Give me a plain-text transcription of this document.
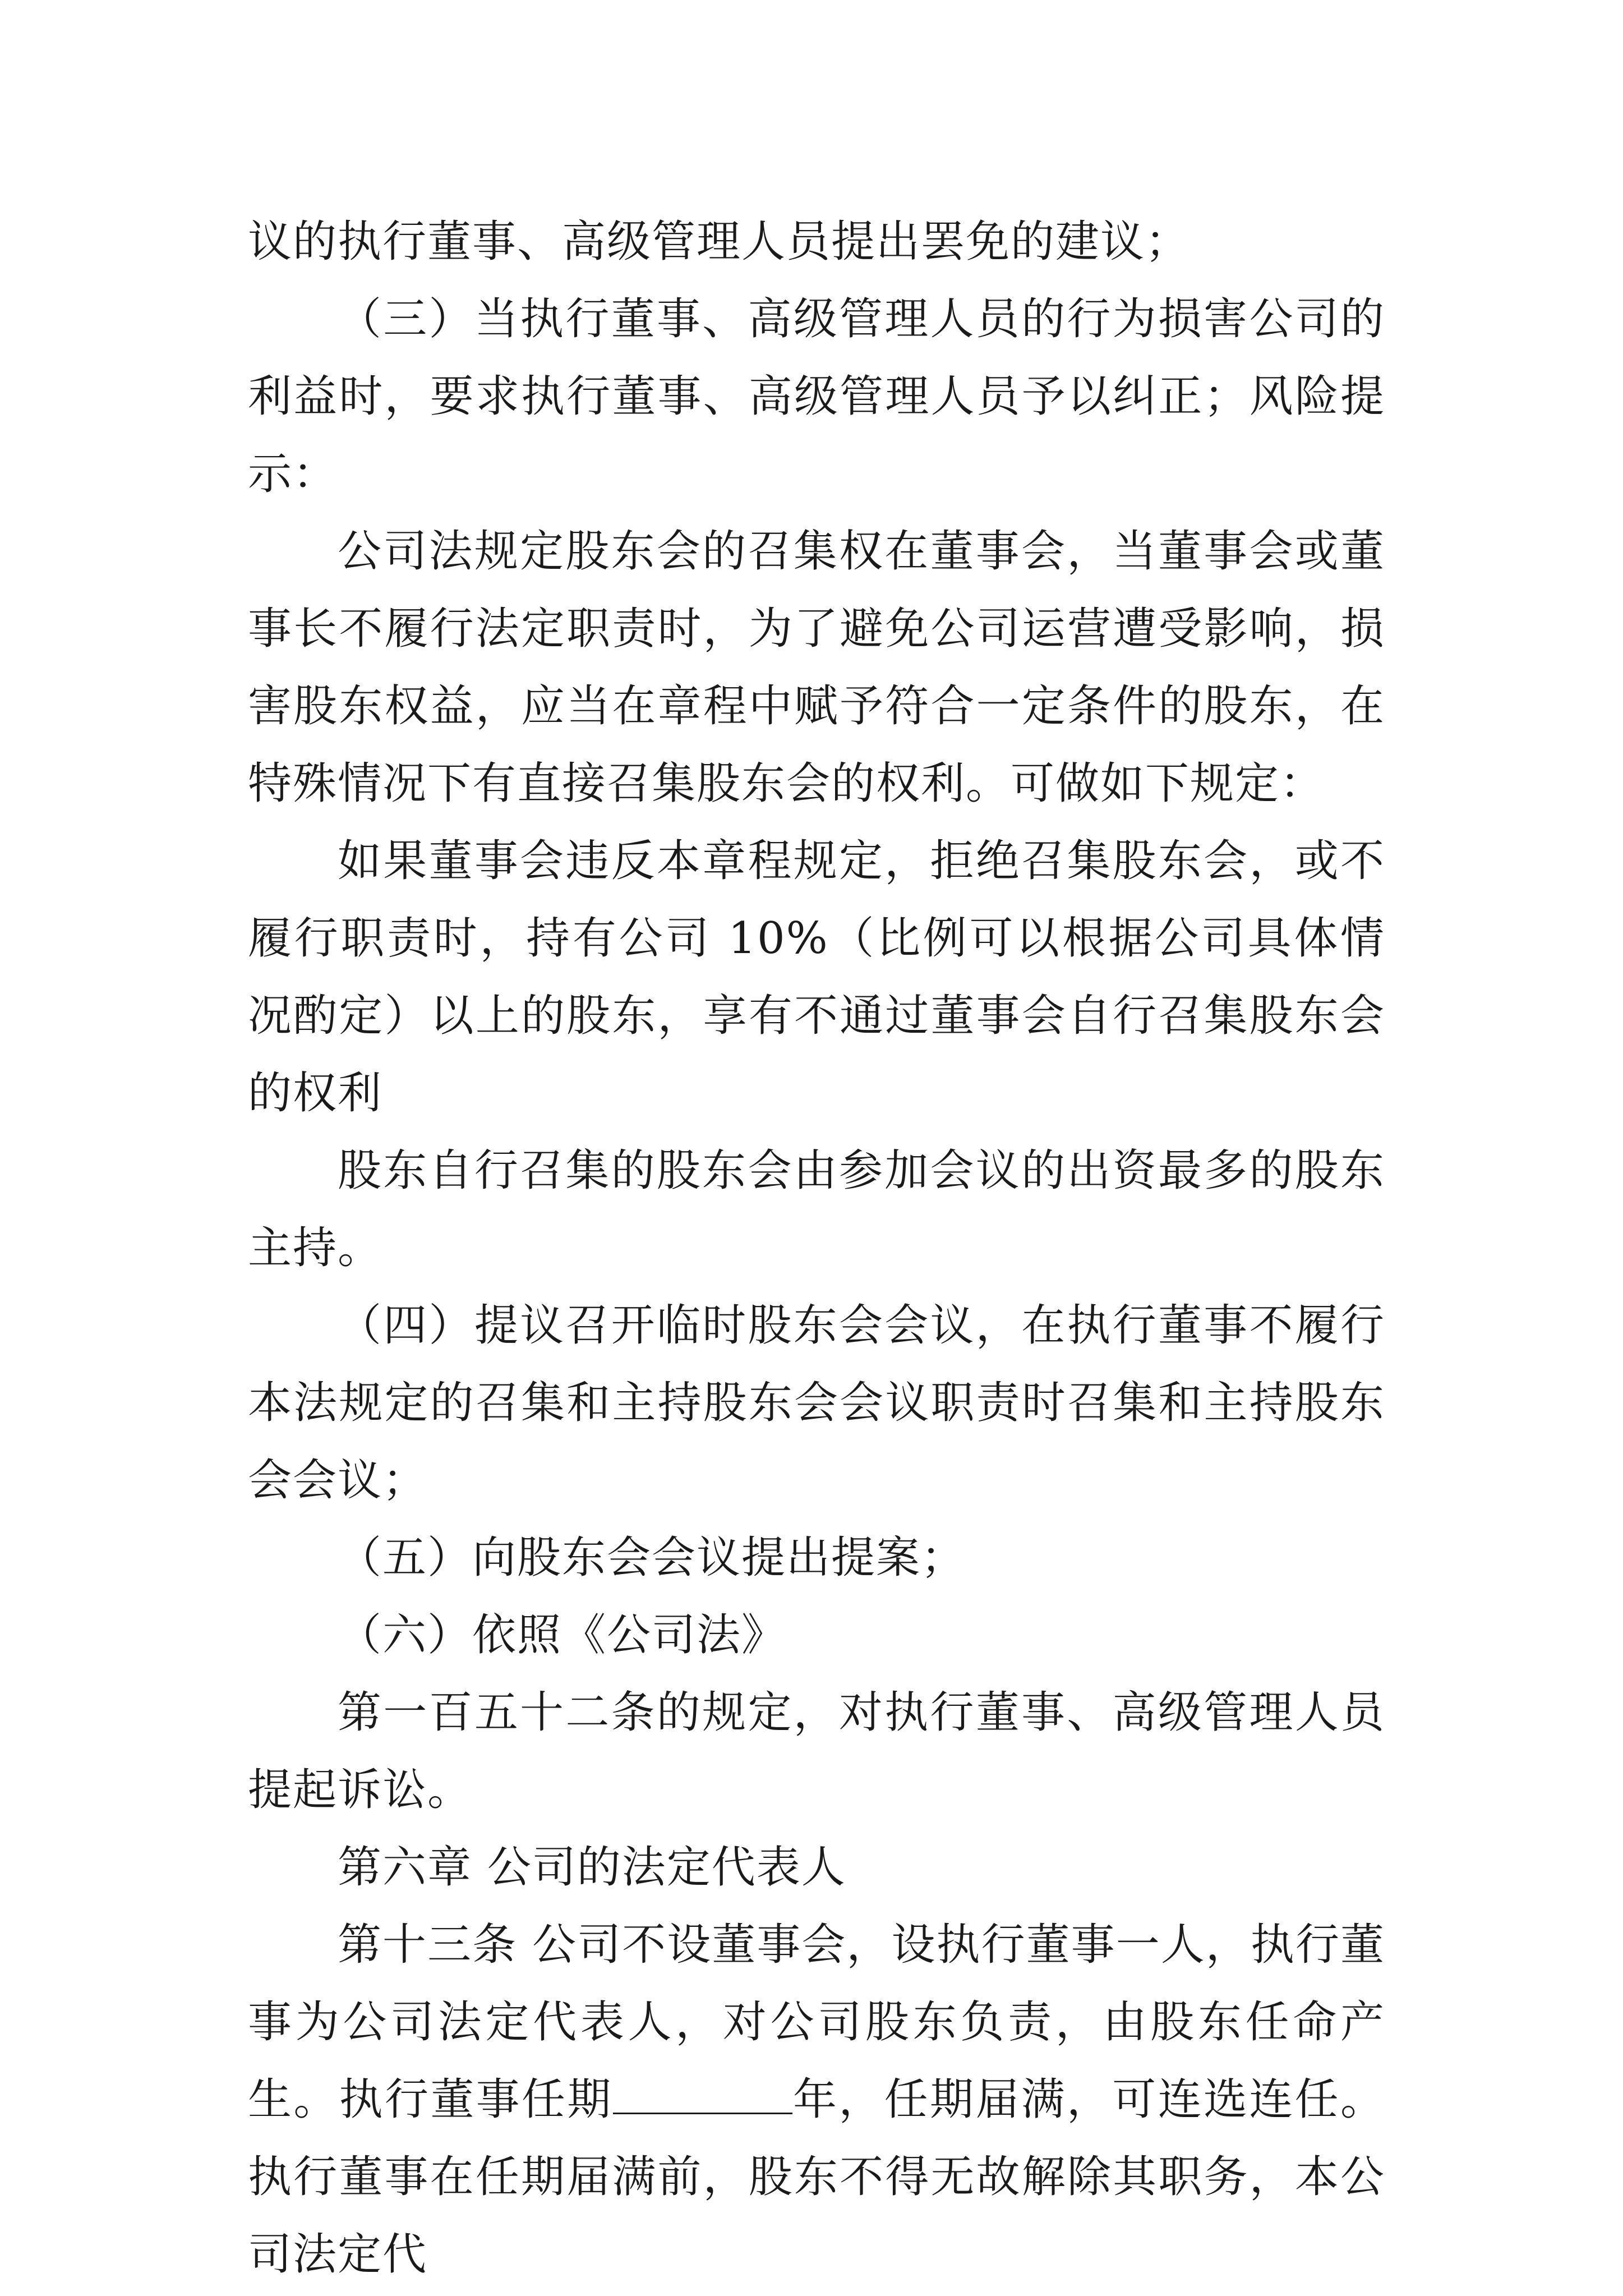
议的执行董事、高级管理人员提出罢免的建议；

（三）当执行董事、高级管理人员的行为损害公司的利益时，要求执行董事、高级管理人员予以纠正；风险提示：

公司法规定股东会的召集权在董事会，当董事会或董事长不履行法定职责时，为了避免公司运营遭受影响，损害股东权益，应当在章程中赋予符合一定条件的股东，在特殊情况下有直接召集股东会的权利。可做如下规定：

如果董事会违反本章程规定，拒绝召集股东会，或不履行职责时，持有公司 10%（比例可以根据公司具体情况酌定）以上的股东，享有不通过董事会自行召集股东会的权利

股东自行召集的股东会由参加会议的出资最多的股东主持。

（四）提议召开临时股东会会议，在执行董事不履行本法规定的召集和主持股东会会议职责时召集和主持股东会会议；

（五）向股东会会议提出提案；

（六）依照《公司法》

第一百五十二条的规定，对执行董事、高级管理人员提起诉讼。

第六章 公司的法定代表人

第十三条 公司不设董事会，设执行董事一人，执行董事为公司法定代表人，对公司股东负责，由股东任命产生。执行董事任期	年，任期届满，可连选连任。执行董事在任期届满前，股东不得无故解除其职务，本公司法定代
